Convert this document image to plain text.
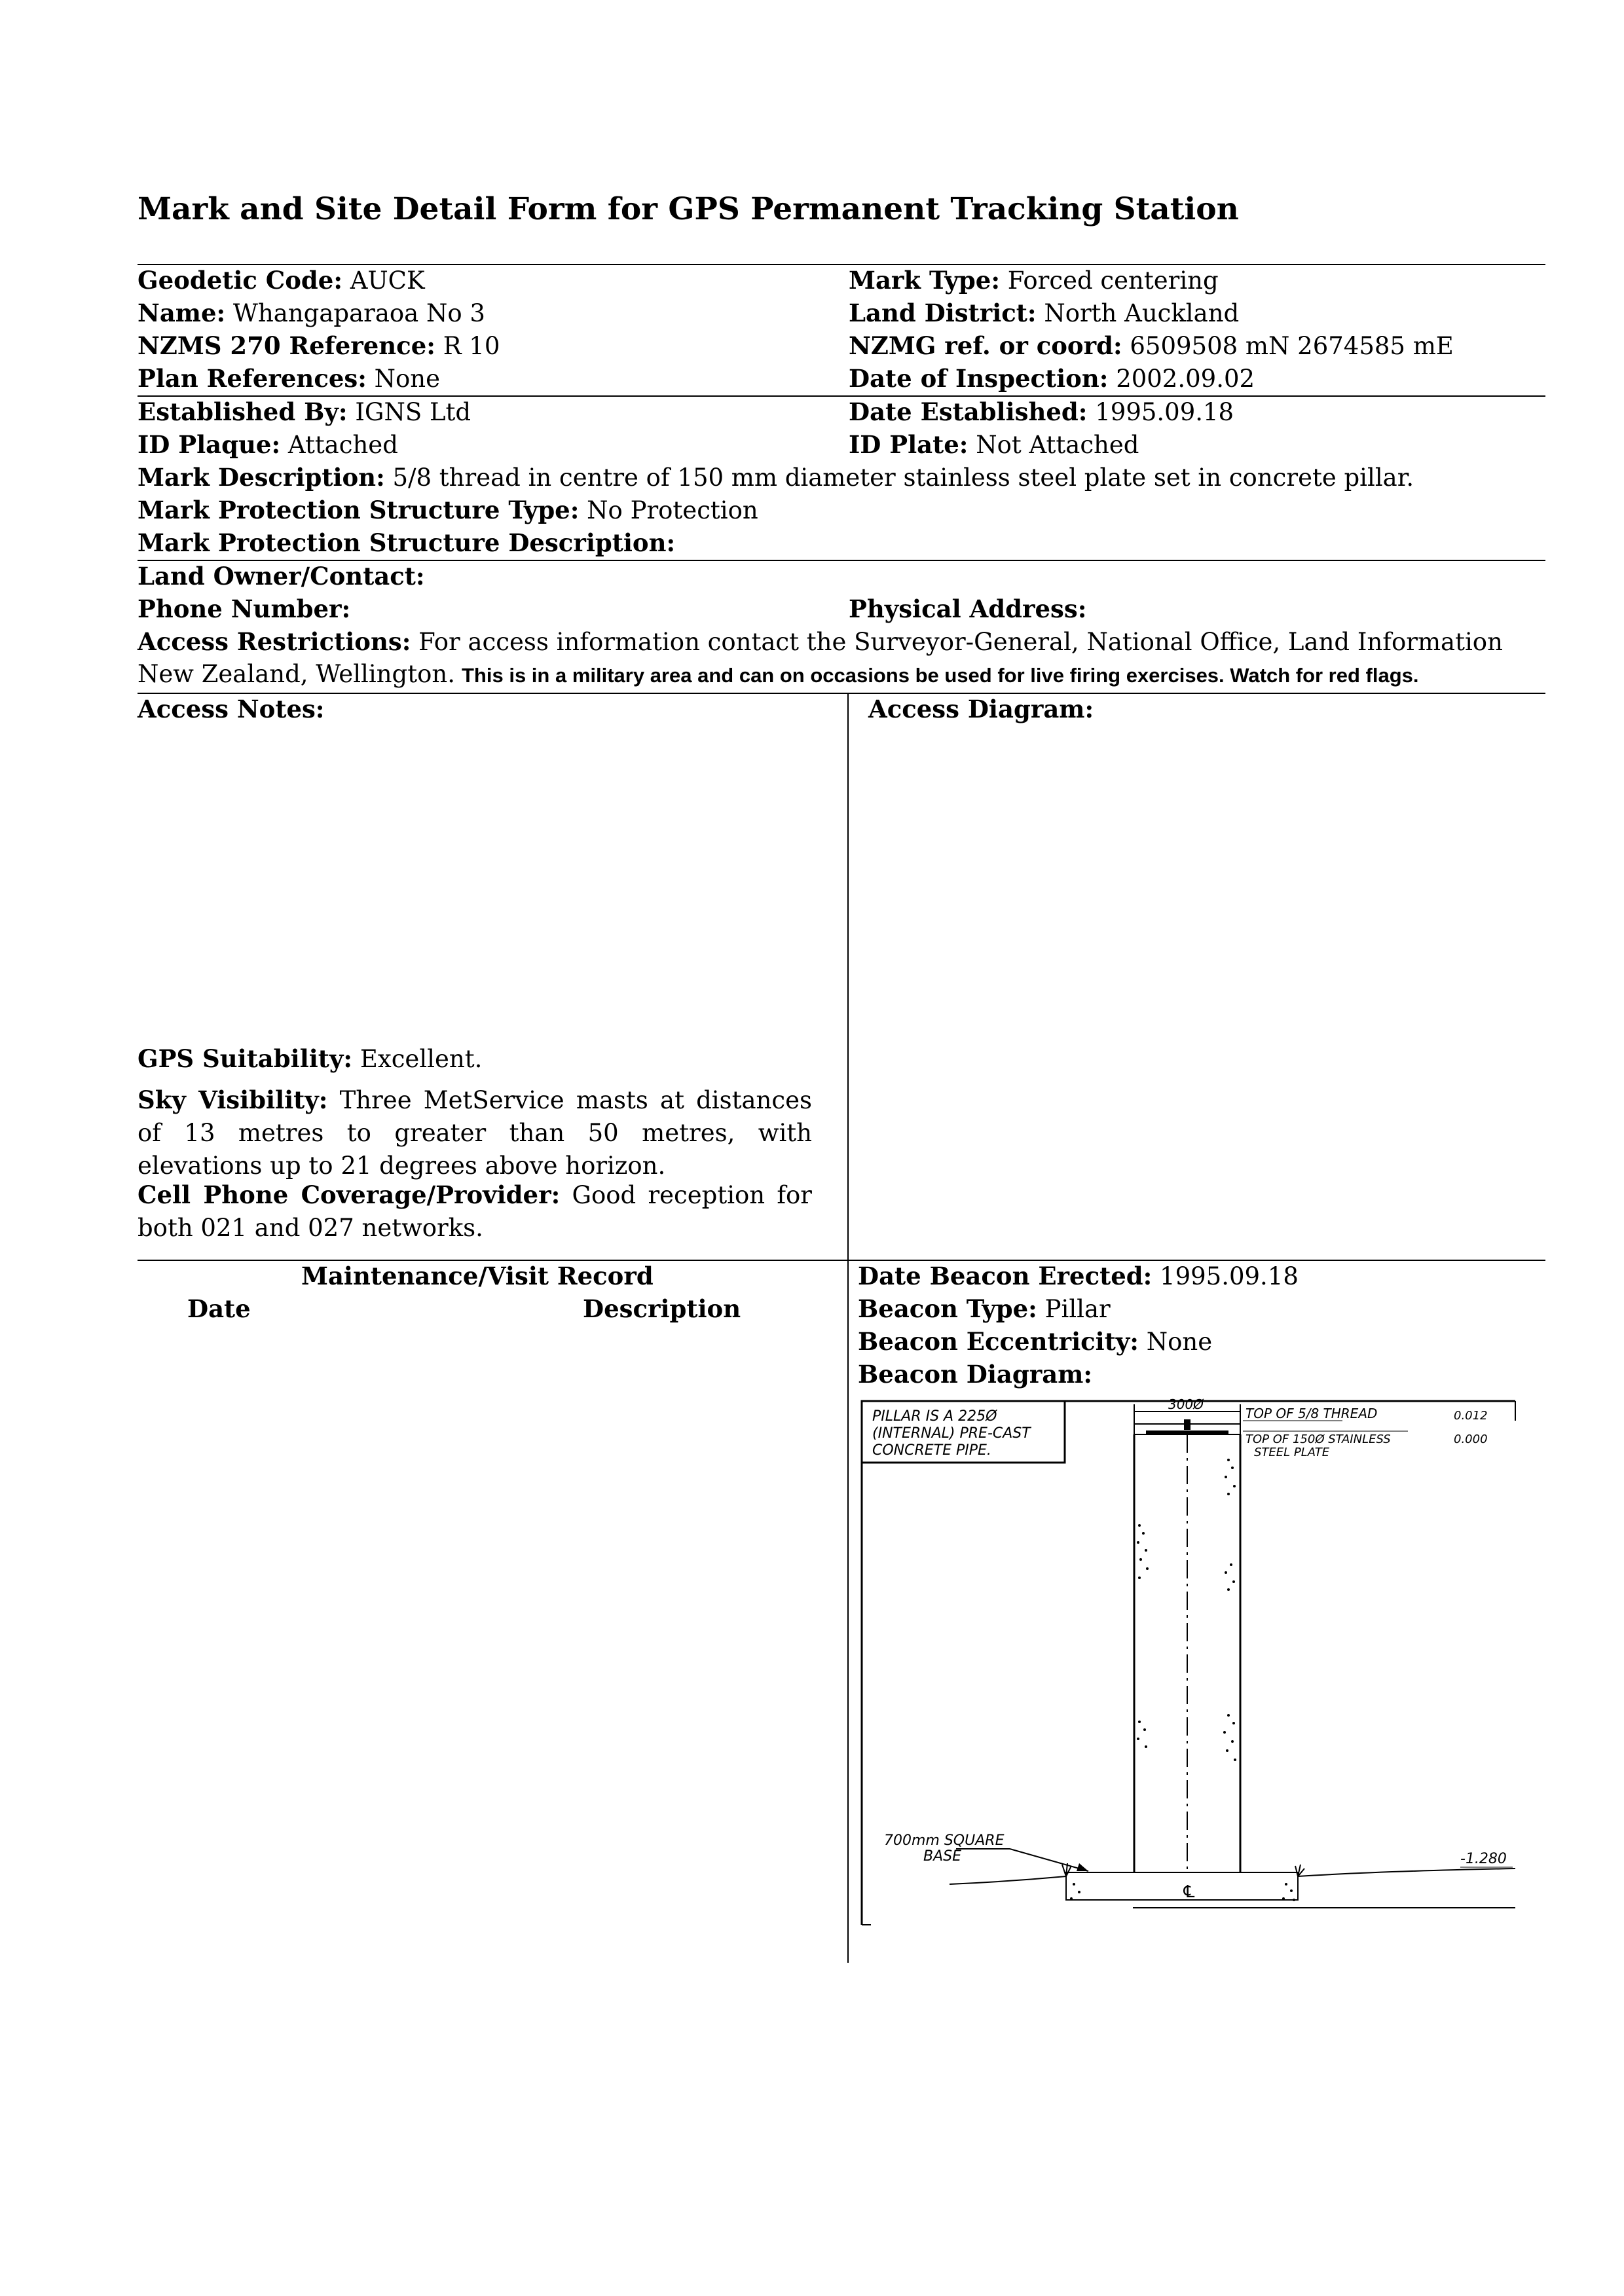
Mark and Site Detail Form for GPS Permanent Tracking Station
Geodetic Code: AUCK	Mark Type: Forced centering
Name: Whangaparaoa No 3	Land District: North Auckland
NZMS 270 Reference: R 10	NZMG ref. or coord: 6509508 mN 2674585 mE
Plan References: None	Date of Inspection: 2002.09.02
Established By: IGNS Ltd	Date Established: 1995.09.18
ID Plaque: Attached	ID Plate: Not Attached
Mark Description: 5/8 thread in centre of 150 mm diameter stainless steel plate set in concrete pillar.
Mark Protection Structure Type: No Protection
Mark Protection Structure Description:
Land Owner/Contact:
Phone Number:	Physical Address:
Access Restrictions: For access information contact the Surveyor-General, National Office, Land Information
New Zealand, Wellington. This is in a military area and can on occasions be used for live firing exercises. Watch for red flags.
Access Notes:	Access Diagram:
GPS Suitability: Excellent.
Sky Visibility: Three MetService masts at distances of 13 metres to greater than 50 metres, with elevations up to 21 degrees above horizon.
Cell Phone Coverage/Provider: Good reception for both 021 and 027 networks.
Maintenance/Visit Record
Date	Description
Date Beacon Erected: 1995.09.18
Beacon Type: Pillar
Beacon Eccentricity: None
Beacon Diagram:
PILLAR IS A 225Ø
(INTERNAL) PRE-CAST
CONCRETE PIPE.
300Ø
TOP OF 5/8 THREAD	0.012
TOP OF 150Ø STAINLESS
STEEL PLATE
0.000
700mm SQUARE
BASE	-1.280
℄
